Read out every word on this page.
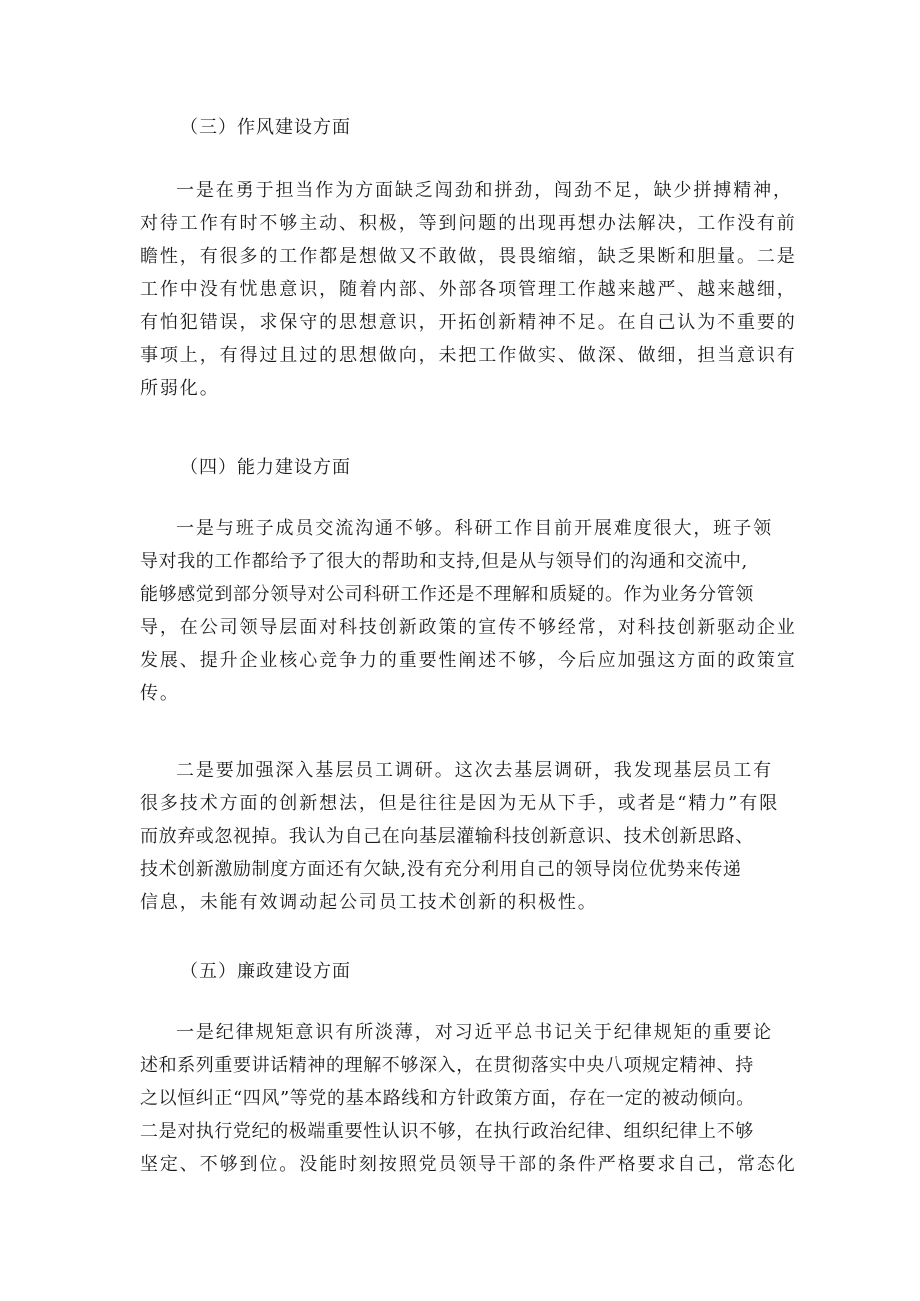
（三）作风建设方面
一是在勇于担当作为方面缺乏闯劲和拼劲，闯劲不足，缺少拼搏精神，
对待工作有时不够主动、积极，等到问题的出现再想办法解决，工作没有前
瞻性，有很多的工作都是想做又不敢做，畏畏缩缩，缺乏果断和胆量。二是
工作中没有忧患意识，随着内部、外部各项管理工作越来越严、越来越细，
有怕犯错误，求保守的思想意识，开拓创新精神不足。在自己认为不重要的
事项上，有得过且过的思想做向，未把工作做实、做深、做细，担当意识有
所弱化。
（四）能力建设方面
一是与班子成员交流沟通不够。科研工作目前开展难度很大，班子领
导对我的工作都给予了很大的帮助和支持,但是从与领导们的沟通和交流中,
能够感觉到部分领导对公司科研工作还是不理解和质疑的。作为业务分管领
导，在公司领导层面对科技创新政策的宣传不够经常，对科技创新驱动企业
发展、提升企业核心竞争力的重要性阐述不够，今后应加强这方面的政策宣
传。
二是要加强深入基层员工调研。这次去基层调研，我发现基层员工有
很多技术方面的创新想法，但是往往是因为无从下手，或者是“精力”有限
而放弃或忽视掉。我认为自己在向基层灌输科技创新意识、技术创新思路、
技术创新激励制度方面还有欠缺,没有充分利用自己的领导岗位优势来传递
信息，未能有效调动起公司员工技术创新的积极性。
（五）廉政建设方面
一是纪律规矩意识有所淡薄，对习近平总书记关于纪律规矩的重要论
述和系列重要讲话精神的理解不够深入，在贯彻落实中央八项规定精神、持
之以恒纠正“四风”等党的基本路线和方针政策方面，存在一定的被动倾向。
二是对执行党纪的极端重要性认识不够，在执行政治纪律、组织纪律上不够
坚定、不够到位。没能时刻按照党员领导干部的条件严格要求自己，常态化
